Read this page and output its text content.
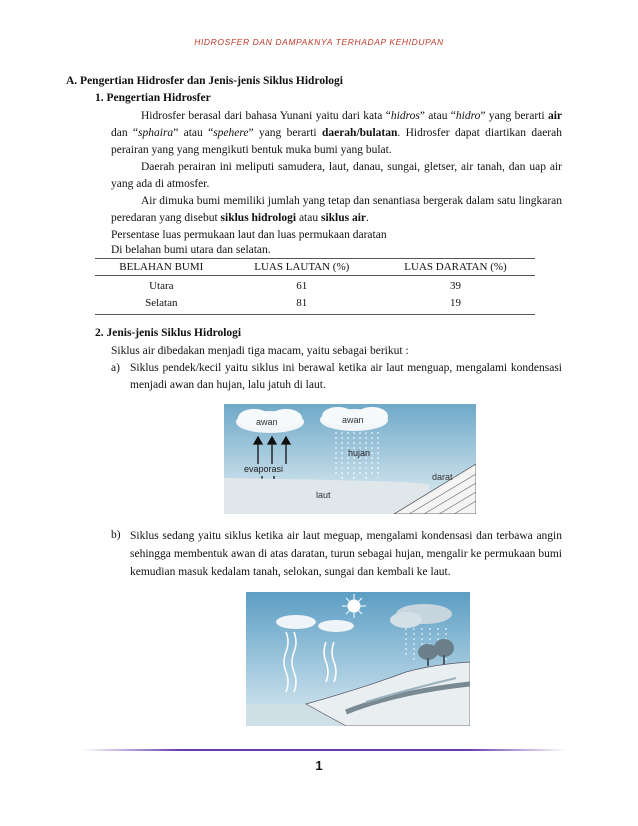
HIDROSFER DAN DAMPAKNYA TERHADAP KEHIDUPAN
A. Pengertian Hidrosfer dan Jenis-jenis Siklus Hidrologi
1. Pengertian Hidrosfer
Hidrosfer berasal dari bahasa Yunani yaitu dari kata “hidros” atau “hidro” yang berarti air dan “sphaira” atau “spehere” yang berarti daerah/bulatan. Hidrosfer dapat diartikan daerah perairan yang yang mengikuti bentuk muka bumi yang bulat.
Daerah perairan ini meliputi samudera, laut, danau, sungai, gletser, air tanah, dan uap air yang ada di atmosfer.
Air dimuka bumi memiliki jumlah yang tetap dan senantiasa bergerak dalam satu lingkaran peredaran yang disebut siklus hidrologi atau siklus air.
Persentase luas permukaan laut dan luas permukaan daratan
Di belahan bumi utara dan selatan.
BELAHAN BUMI	LUAS LAUTAN (%)	LUAS DARATAN (%)
Utara	61	39
Selatan	81	19
2. Jenis-jenis Siklus Hidrologi
Siklus air dibedakan menjadi tiga macam, yaitu sebagai berikut :
a) Siklus pendek/kecil yaitu siklus ini berawal ketika air laut menguap, mengalami kondensasi menjadi awan dan hujan, lalu jatuh di laut.
awan	awan
hujan
evaporasi
laut
darat
b) Siklus sedang yaitu siklus ketika air laut meguap, mengalami kondensasi dan terbawa angin sehingga membentuk awan di atas daratan, turun sebagai hujan, mengalir ke permukaan bumi kemudian masuk kedalam tanah, selokan, sungai dan kembali ke laut.
1
